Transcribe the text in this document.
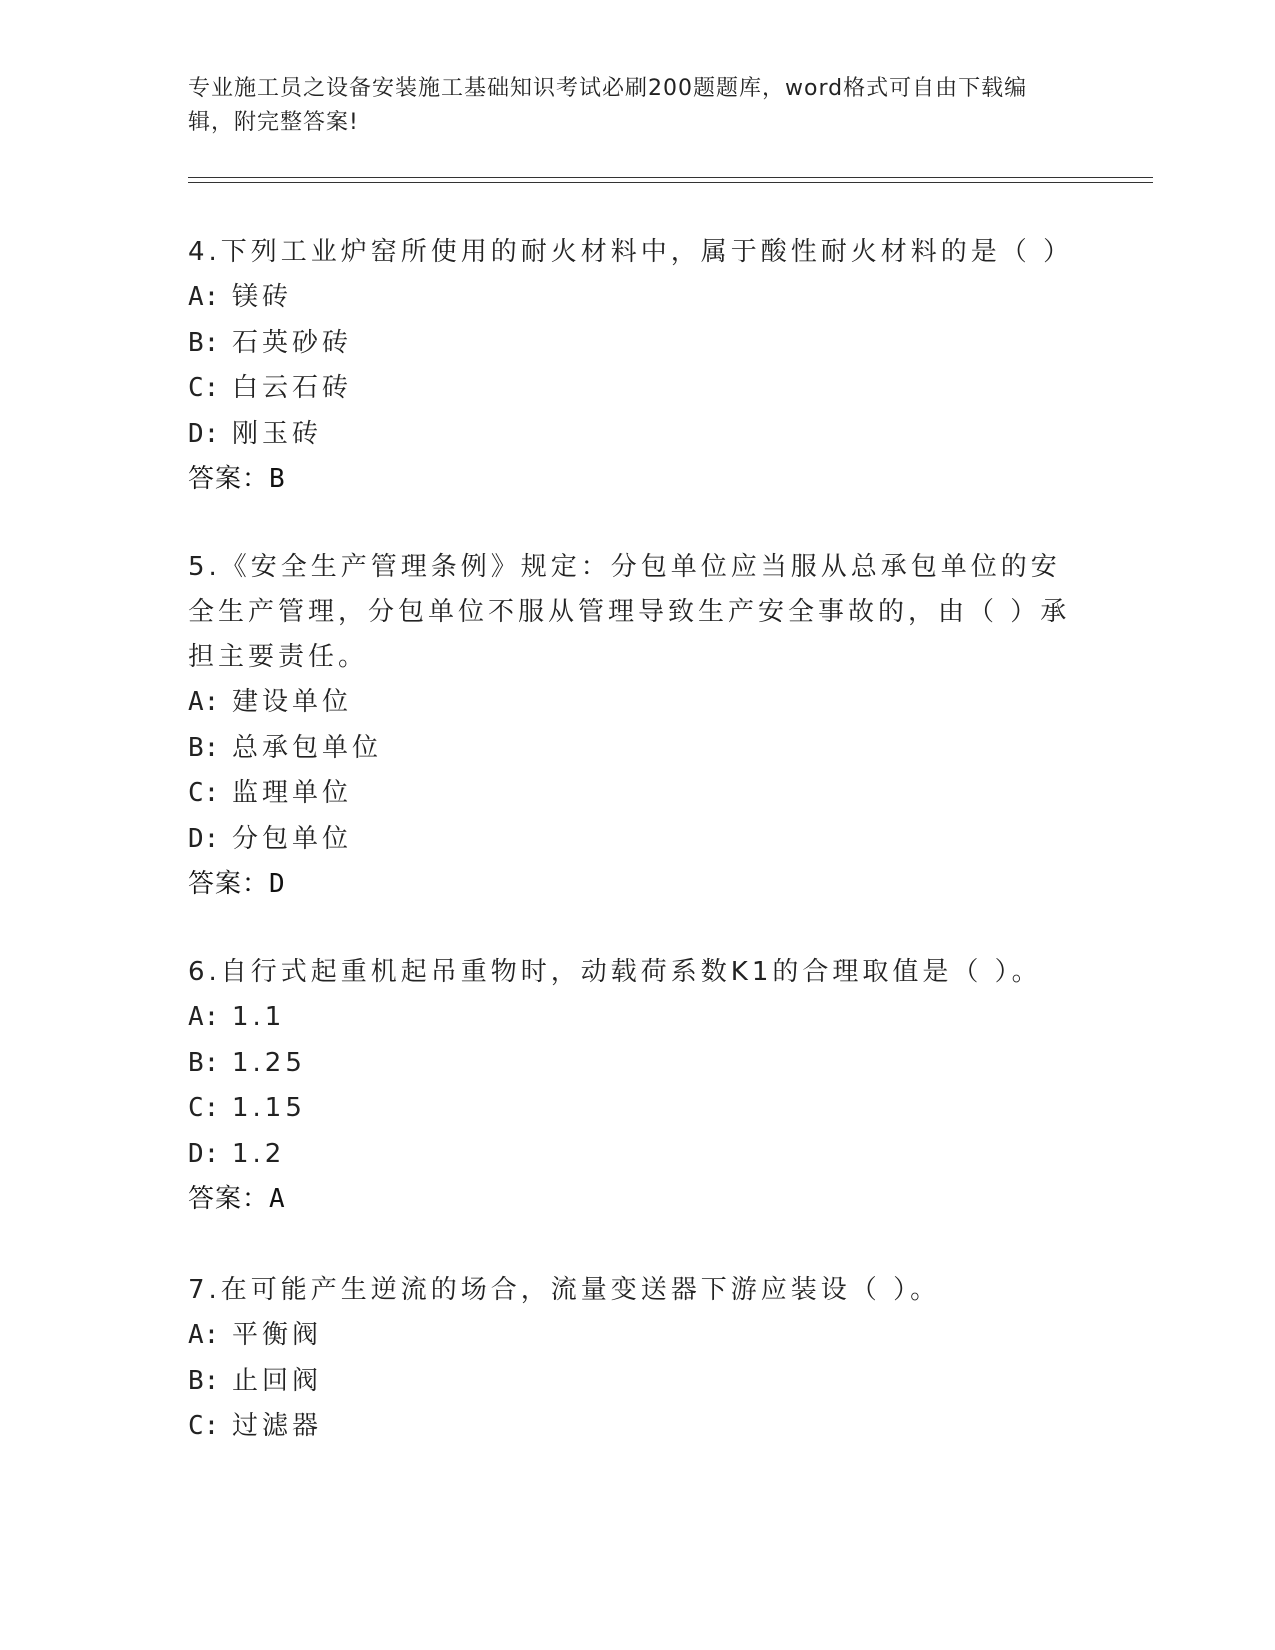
专业施工员之设备安装施工基础知识考试必刷200题题库，word格式可自由下载编辑，附完整答案!

4.下列工业炉窑所使用的耐火材料中，属于酸性耐火材料的是（ ）

A: 镁砖
B: 石英砂砖
C: 白云石砖
D: 刚玉砖
答案：B

5.《安全生产管理条例》规定：分包单位应当服从总承包单位的安全生产管理，分包单位不服从管理导致生产安全事故的，由（ ）承担主要责任。

A: 建设单位
B: 总承包单位
C: 监理单位
D: 分包单位
答案：D

6.自行式起重机起吊重物时，动载荷系数K1的合理取值是（ ）。

A: 1.1
B: 1.25
C: 1.15
D: 1.2
答案：A

7.在可能产生逆流的场合，流量变送器下游应装设（ ）。

A: 平衡阀
B: 止回阀
C: 过滤器
